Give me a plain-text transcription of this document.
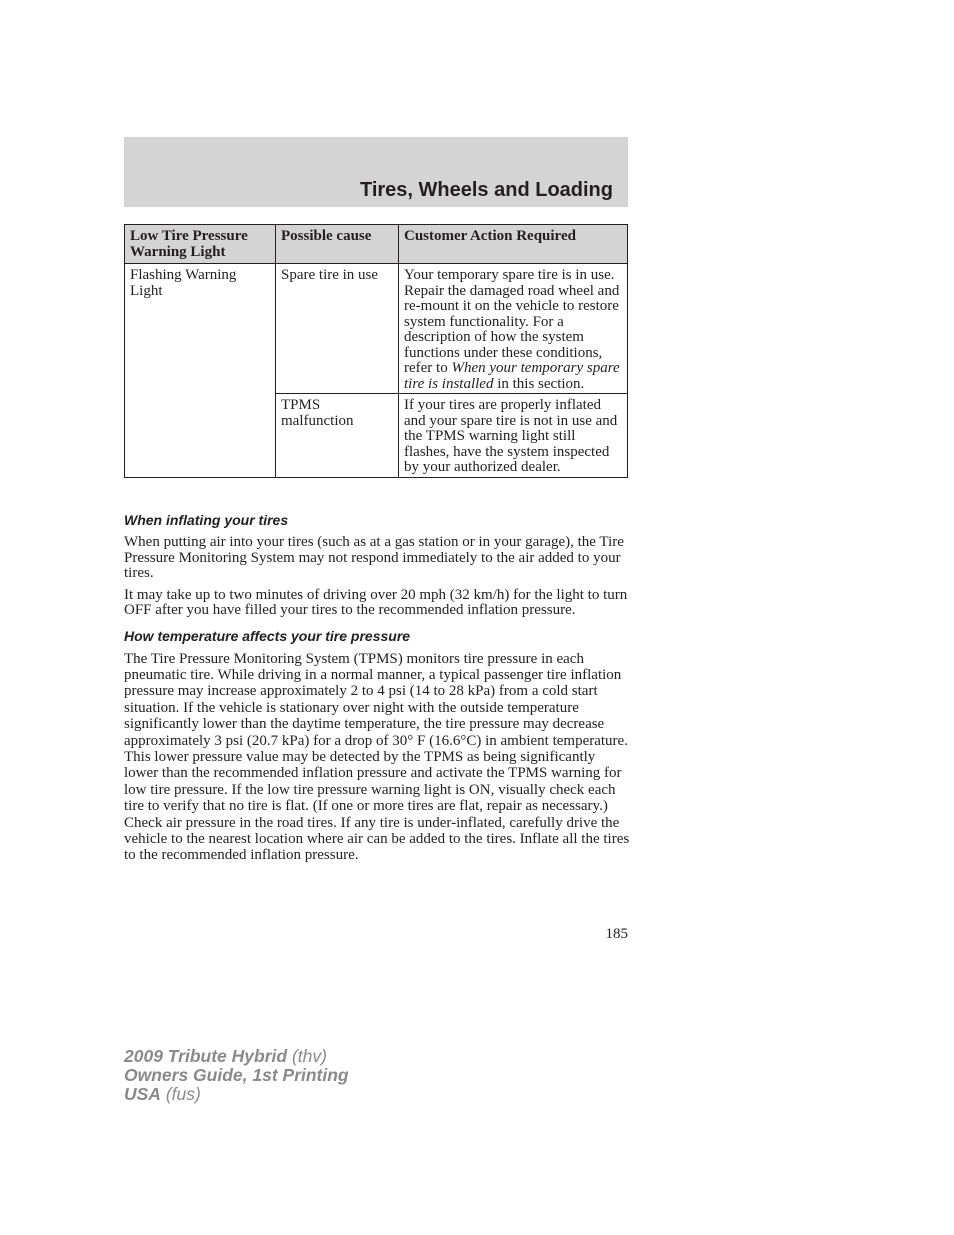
Tires, Wheels and Loading
Low Tire Pressure Warning Light	Possible cause	Customer Action Required
Flashing Warning Light	Spare tire in use	Your temporary spare tire is in use. Repair the damaged road wheel and re-mount it on the vehicle to restore system functionality. For a description of how the system functions under these conditions, refer to When your temporary spare tire is installed in this section.
	TPMS malfunction	If your tires are properly inflated and your spare tire is not in use and the TPMS warning light still flashes, have the system inspected by your authorized dealer.
When inflating your tires

When putting air into your tires (such as at a gas station or in your garage), the Tire Pressure Monitoring System may not respond immediately to the air added to your tires.

It may take up to two minutes of driving over 20 mph (32 km/h) for the light to turn OFF after you have filled your tires to the recommended inflation pressure.

How temperature affects your tire pressure

The Tire Pressure Monitoring System (TPMS) monitors tire pressure in each pneumatic tire. While driving in a normal manner, a typical passenger tire inflation pressure may increase approximately 2 to 4 psi (14 to 28 kPa) from a cold start situation. If the vehicle is stationary over night with the outside temperature significantly lower than the daytime temperature, the tire pressure may decrease approximately 3 psi (20.7 kPa) for a drop of 30° F (16.6°C) in ambient temperature. This lower pressure value may be detected by the TPMS as being significantly lower than the recommended inflation pressure and activate the TPMS warning for low tire pressure. If the low tire pressure warning light is ON, visually check each tire to verify that no tire is flat. (If one or more tires are flat, repair as necessary.) Check air pressure in the road tires. If any tire is under-inflated, carefully drive the vehicle to the nearest location where air can be added to the tires. Inflate all the tires to the recommended inflation pressure.

185
2009 Tribute Hybrid (thv)
Owners Guide, 1st Printing
USA (fus)
